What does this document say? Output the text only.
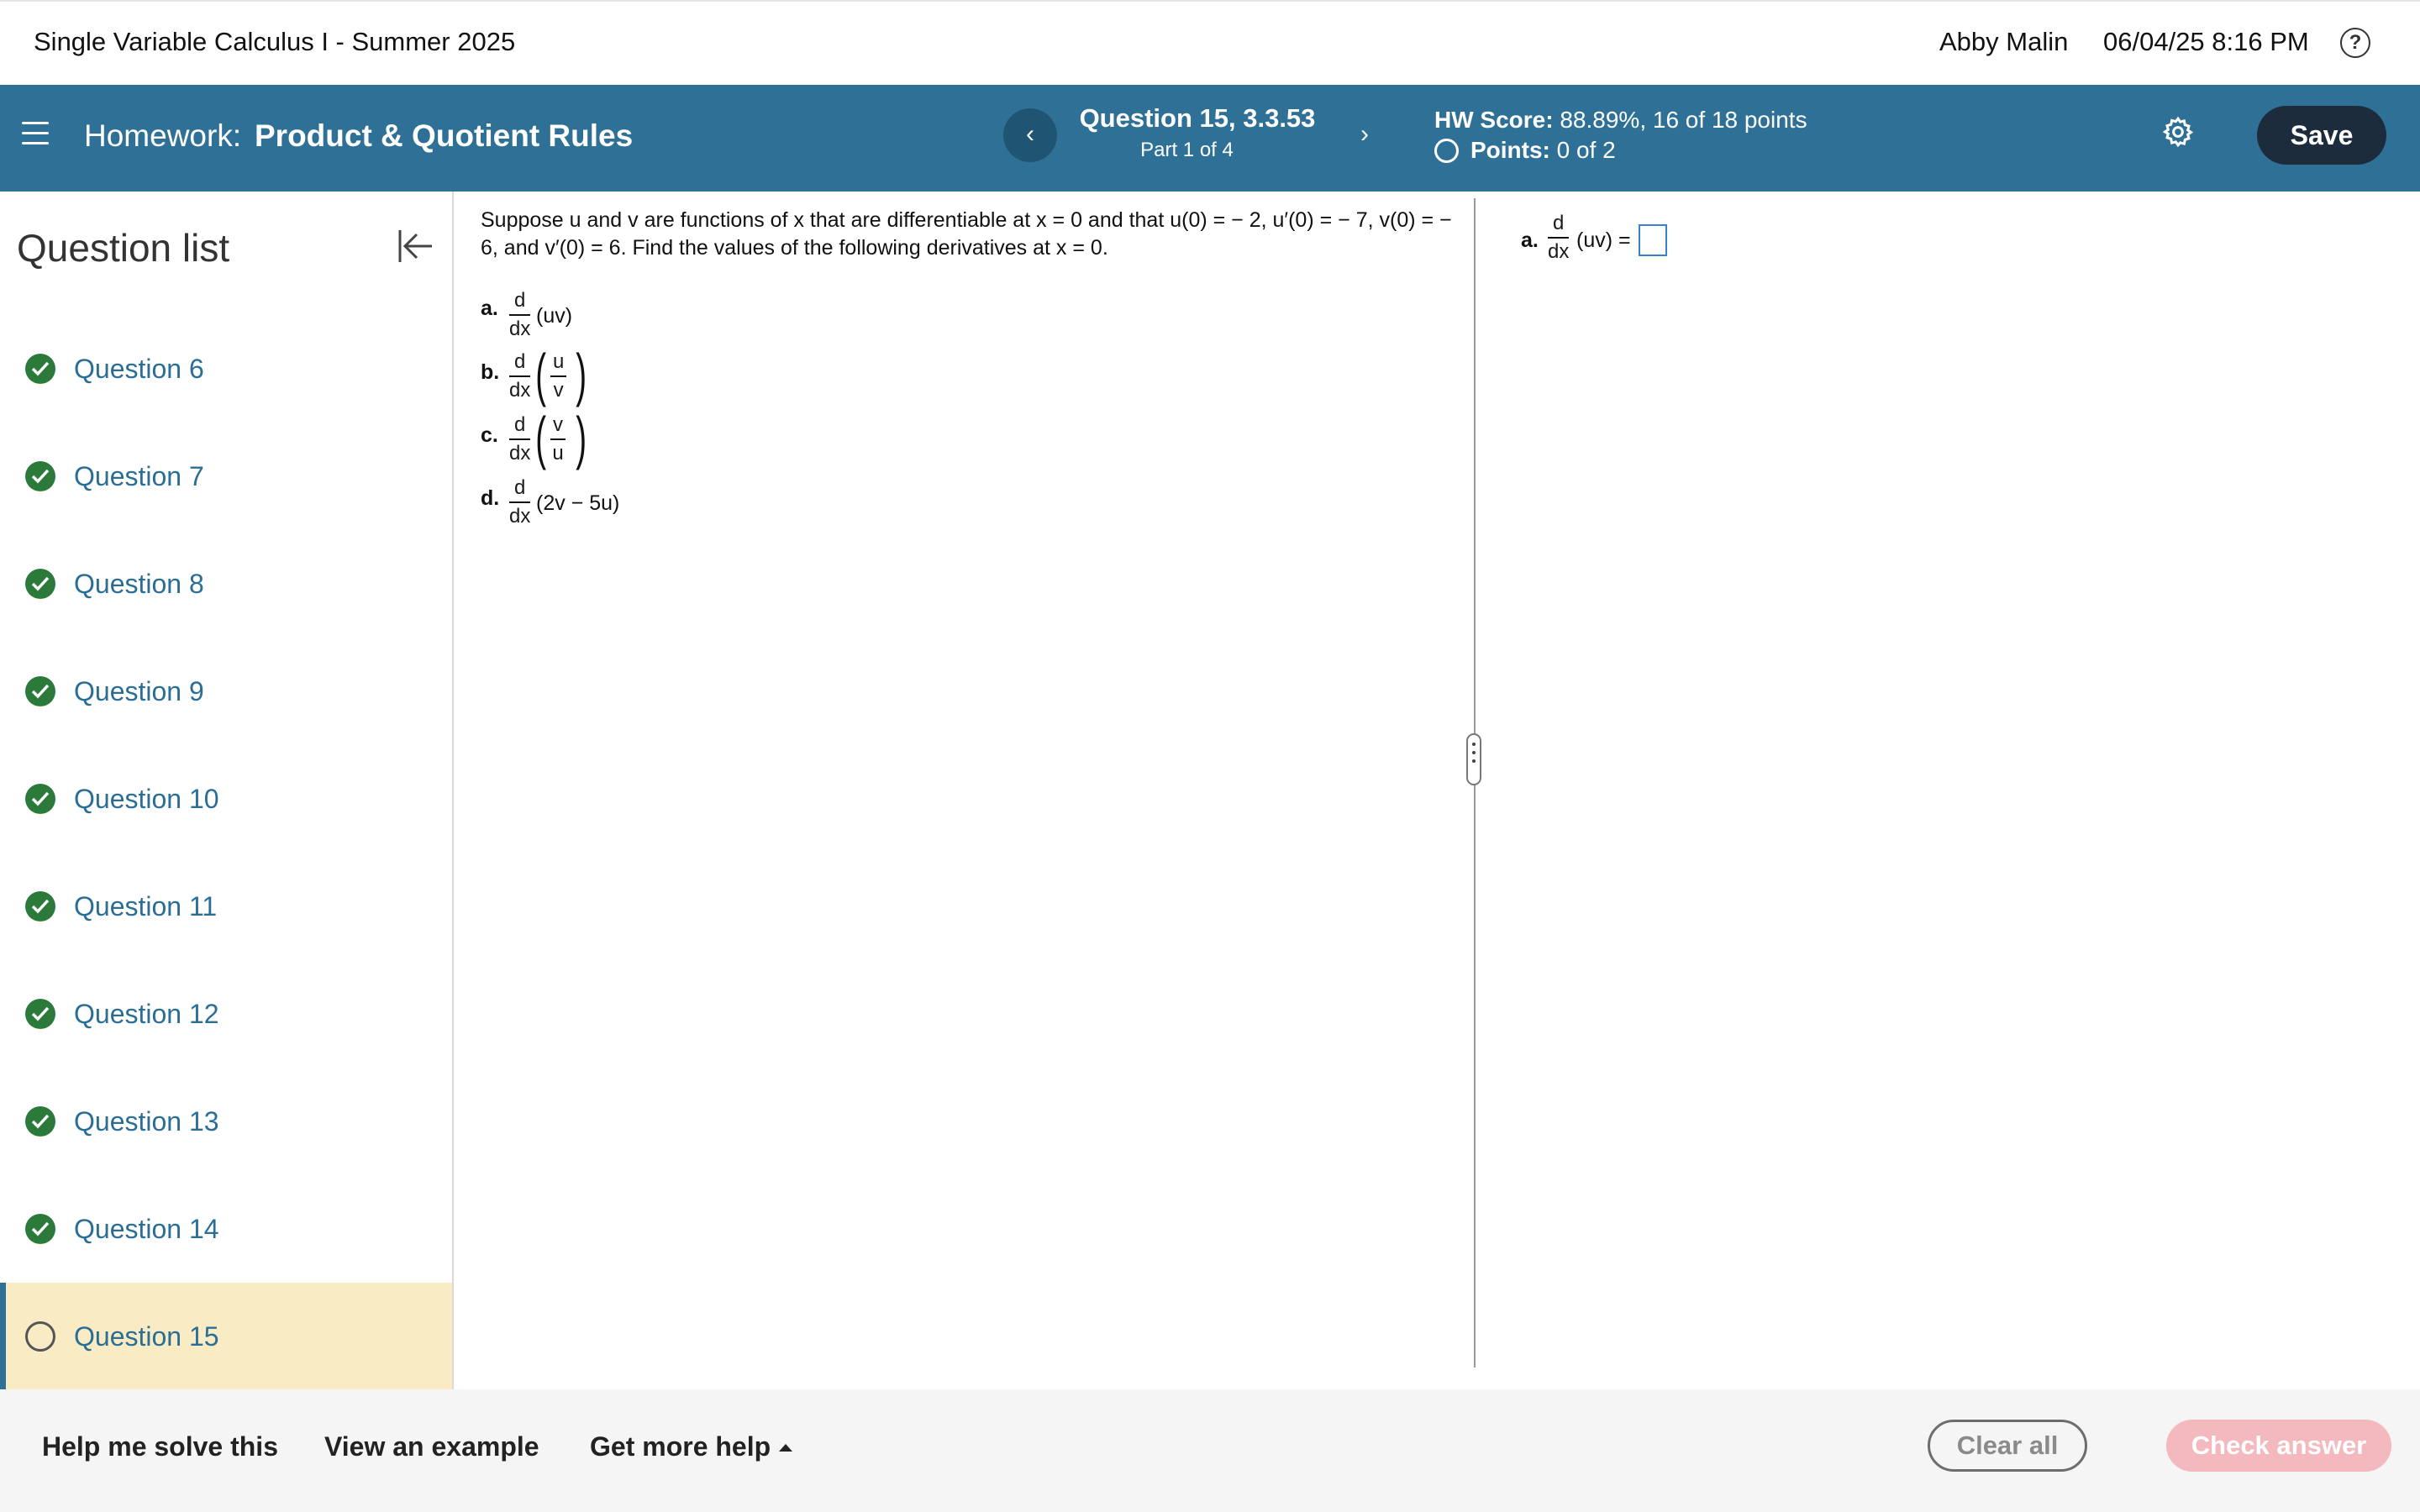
Single Variable Calculus I - Summer 2025	Abby Malin 06/04/25 8:16 PM	?
Homework: Product & Quotient Rules	‹
Question 15, 3.3.53
Part 1 of 4
›
HW Score: 88.89%, 16 of 18 points
Points: 0 of 2	Save
Question list
Question 6
Question 7
Question 8
Question 9
Question 10
Question 11
Question 12
Question 13
Question 14
Question 15
Suppose u and v are functions of x that are differentiable at x = 0 and that u(0) = − 2, u′(0) = − 7, v(0) = − 6, and v′(0) = 6. Find the values of the following derivatives at x = 0.
a. d
dx
(uv)
b. d
dx ( u
v )
c. d
dx ( v
u )
d. d
dx
(2v − 5u)
a.
d
dx (uv) =
Help me solve this View an example Get more help	Clear all	Check answer
